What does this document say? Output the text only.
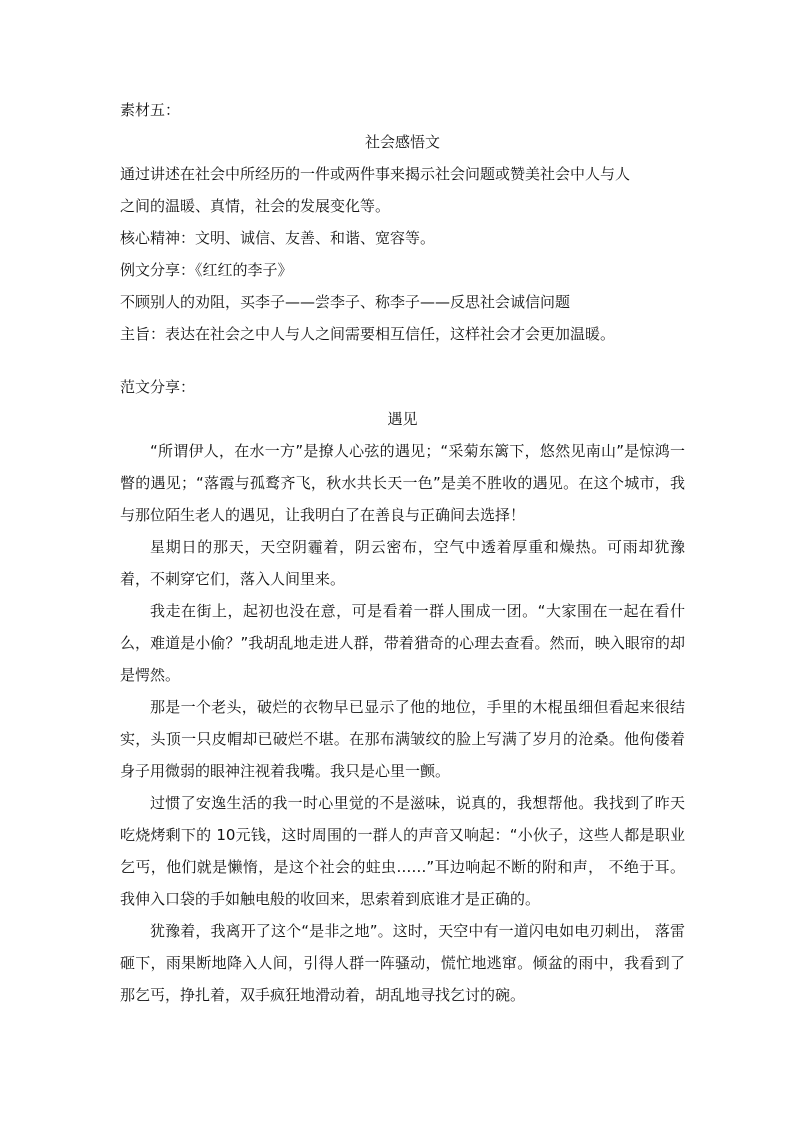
素材五：
社会感悟文
通过讲述在社会中所经历的一件或两件事来揭示社会问题或赞美社会中人与人
之间的温暖、真情，社会的发展变化等。
核心精神：文明、诚信、友善、和谐、宽容等。
例文分享：《红红的李子》
不顾别人的劝阻，买李子——尝李子、称李子——反思社会诚信问题
主旨：表达在社会之中人与人之间需要相互信任，这样社会才会更加温暖。
范文分享：
遇见

“所谓伊人，在水一方”是撩人心弦的遇见；“采菊东篱下，悠然见南山”是惊鸿一瞥的遇见；“落霞与孤鹜齐飞，秋水共长天一色”是美不胜收的遇见。在这个城市，我与那位陌生老人的遇见，让我明白了在善良与正确间去选择！

星期日的那天，天空阴霾着，阴云密布，空气中透着厚重和燥热。可雨却犹豫着，不刺穿它们，落入人间里来。

我走在街上，起初也没在意，可是看着一群人围成一团。“大家围在一起在看什么，难道是小偷？”我胡乱地走进人群，带着猎奇的心理去查看。然而，映入眼帘的却是愕然。

那是一个老头，破烂的衣物早已显示了他的地位，手里的木棍虽细但看起来很结实，头顶一只皮帽却已破烂不堪。在那布满皱纹的脸上写满了岁月的沧桑。他佝偻着身子用微弱的眼神注视着我嘴。我只是心里一颤。

过惯了安逸生活的我一时心里觉的不是滋味，说真的，我想帮他。我找到了昨天吃烧烤剩下的 10元钱，这时周围的一群人的声音又响起：“小伙子，这些人都是职业乞丐，他们就是懒惰，是这个社会的蛀虫……”耳边响起不断的附和声， 不绝于耳。我伸入口袋的手如触电般的收回来，思索着到底谁才是正确的。

犹豫着，我离开了这个“是非之地”。这时，天空中有一道闪电如电刃刺出， 落雷砸下，雨果断地降入人间，引得人群一阵骚动，慌忙地逃窜。倾盆的雨中，我看到了那乞丐，挣扎着，双手疯狂地滑动着，胡乱地寻找乞讨的碗。
